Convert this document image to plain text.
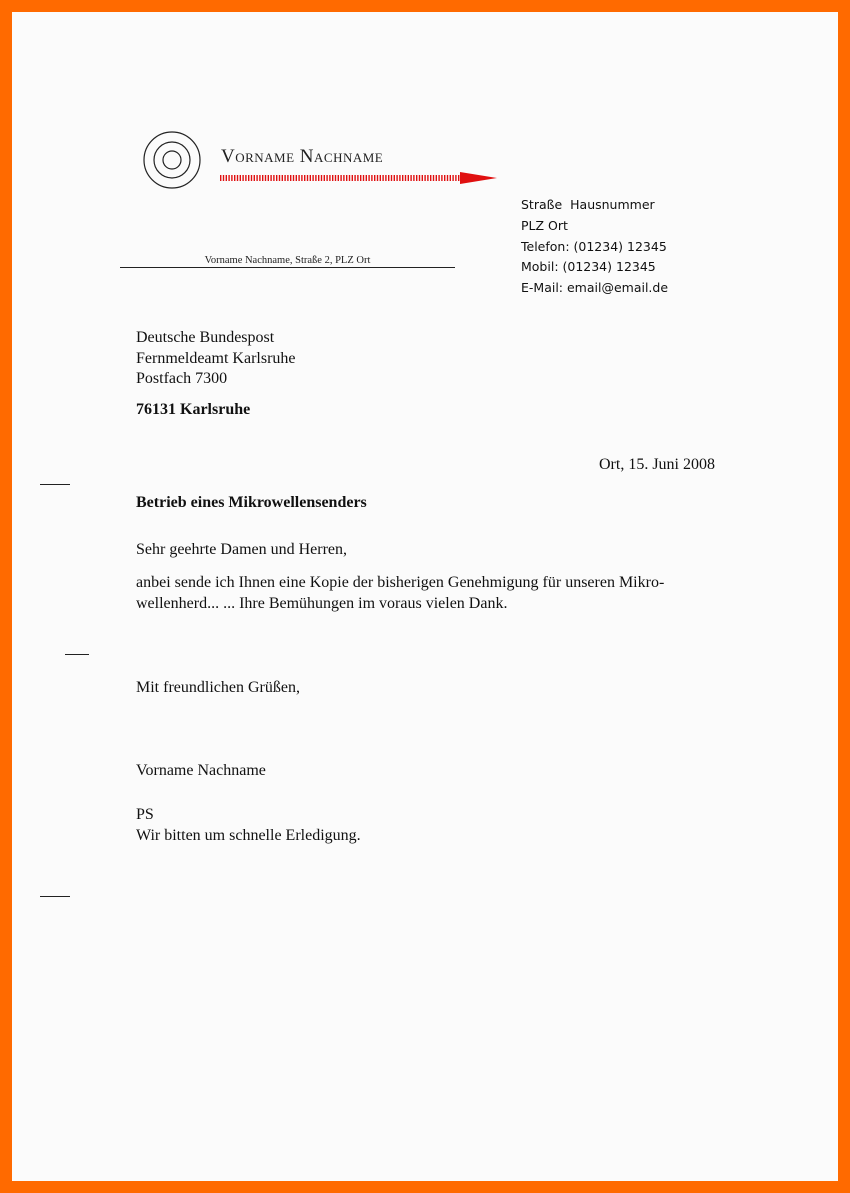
Vorname Nachname
Straße  Hausnummer
PLZ Ort
Telefon: (01234) 12345
Mobil: (01234) 12345
E-Mail: email@email.de
Vorname Nachname, Straße 2, PLZ Ort
Deutsche Bundespost
Fernmeldeamt Karlsruhe
Postfach 7300
76131 Karlsruhe
Ort, 15. Juni 2008
Betrieb eines Mikrowellensenders
Sehr geehrte Damen und Herren,
anbei sende ich Ihnen eine Kopie der bisherigen Genehmigung für unseren Mikro-
wellenherd... ... Ihre Bemühungen im voraus vielen Dank.
Mit freundlichen Grüßen,
Vorname Nachname
PS
Wir bitten um schnelle Erledigung.
